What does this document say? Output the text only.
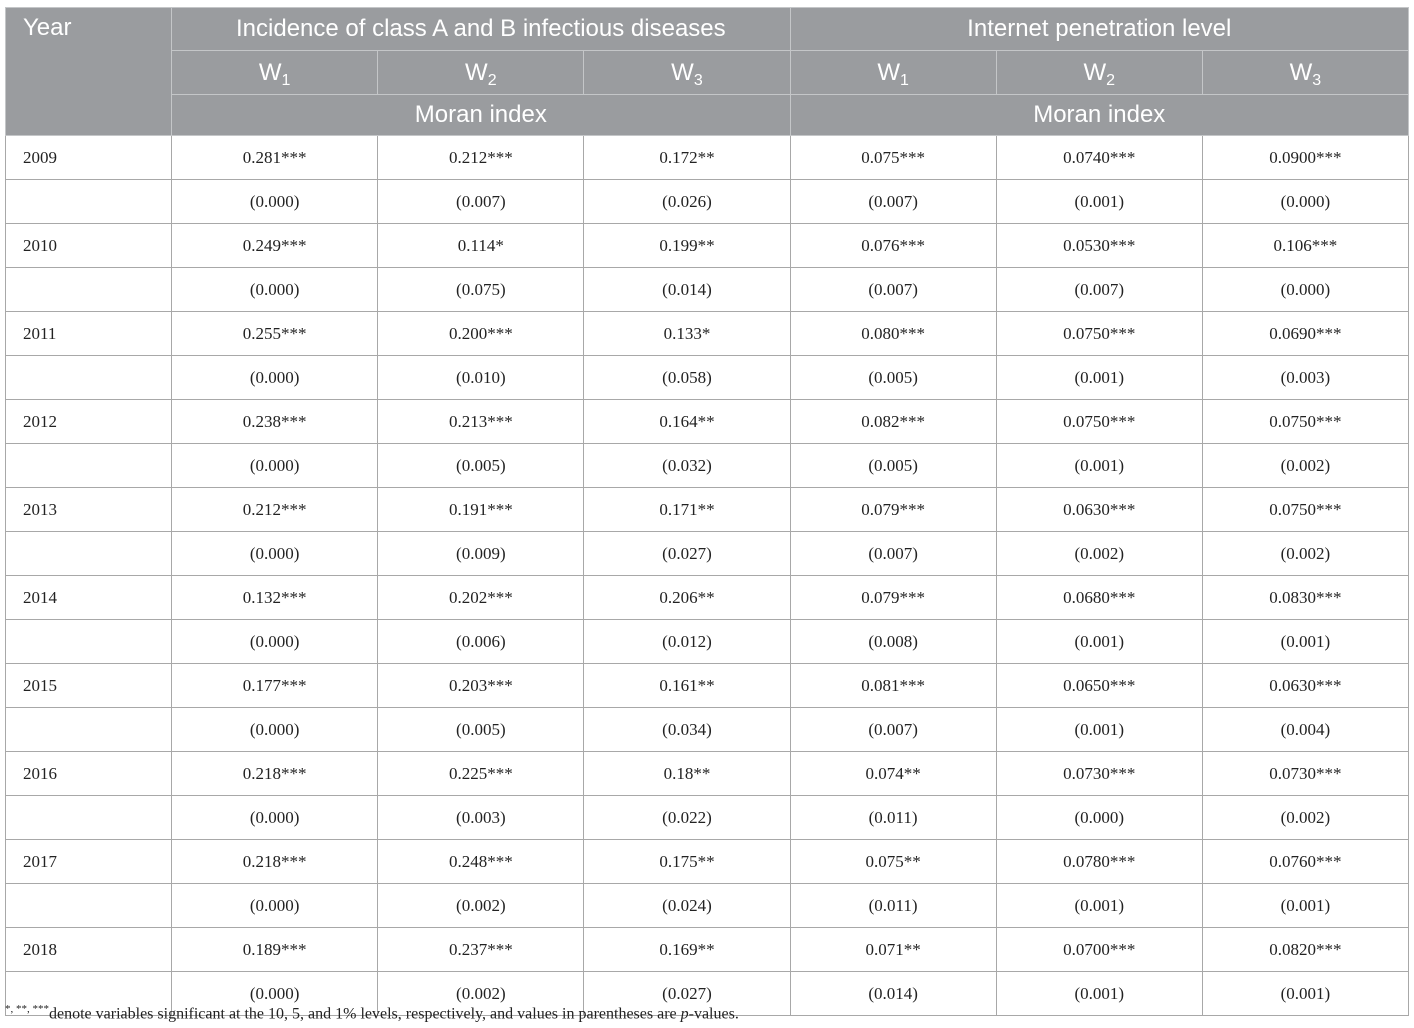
Year	Incidence of class A and B infectious diseases			Internet penetration level		
	$W_1$	$W_2$	$W_3$	$W_1$	$W_2$	$W_3$
	Moran index			Moran index		
2009	0.281***	0.212***	0.172**	0.075***	0.0740***	0.0900***
	(0.000)	(0.007)	(0.026)	(0.007)	(0.001)	(0.000)
2010	0.249***	0.114*	0.199**	0.076***	0.0530***	0.106***
	(0.000)	(0.075)	(0.014)	(0.007)	(0.007)	(0.000)
2011	0.255***	0.200***	0.133*	0.080***	0.0750***	0.0690***
	(0.000)	(0.010)	(0.058)	(0.005)	(0.001)	(0.003)
2012	0.238***	0.213***	0.164**	0.082***	0.0750***	0.0750***
	(0.000)	(0.005)	(0.032)	(0.005)	(0.001)	(0.002)
2013	0.212***	0.191***	0.171**	0.079***	0.0630***	0.0750***
	(0.000)	(0.009)	(0.027)	(0.007)	(0.002)	(0.002)
2014	0.132***	0.202***	0.206**	0.079***	0.0680***	0.0830***
	(0.000)	(0.006)	(0.012)	(0.008)	(0.001)	(0.001)
2015	0.177***	0.203***	0.161**	0.081***	0.0650***	0.0630***
	(0.000)	(0.005)	(0.034)	(0.007)	(0.001)	(0.004)
2016	0.218***	0.225***	0.18**	0.074**	0.0730***	0.0730***
	(0.000)	(0.003)	(0.022)	(0.011)	(0.000)	(0.002)
2017	0.218***	0.248***	0.175**	0.075**	0.0780***	0.0760***
	(0.000)	(0.002)	(0.024)	(0.011)	(0.001)	(0.001)
2018	0.189***	0.237***	0.169**	0.071**	0.0700***	0.0820***
	(0.000)	(0.002)	(0.027)	(0.014)	(0.001)	(0.001)
*, **, ***denote variables significant at the 10, 5, and 1% levels, respectively, and values in parentheses are p-values.
